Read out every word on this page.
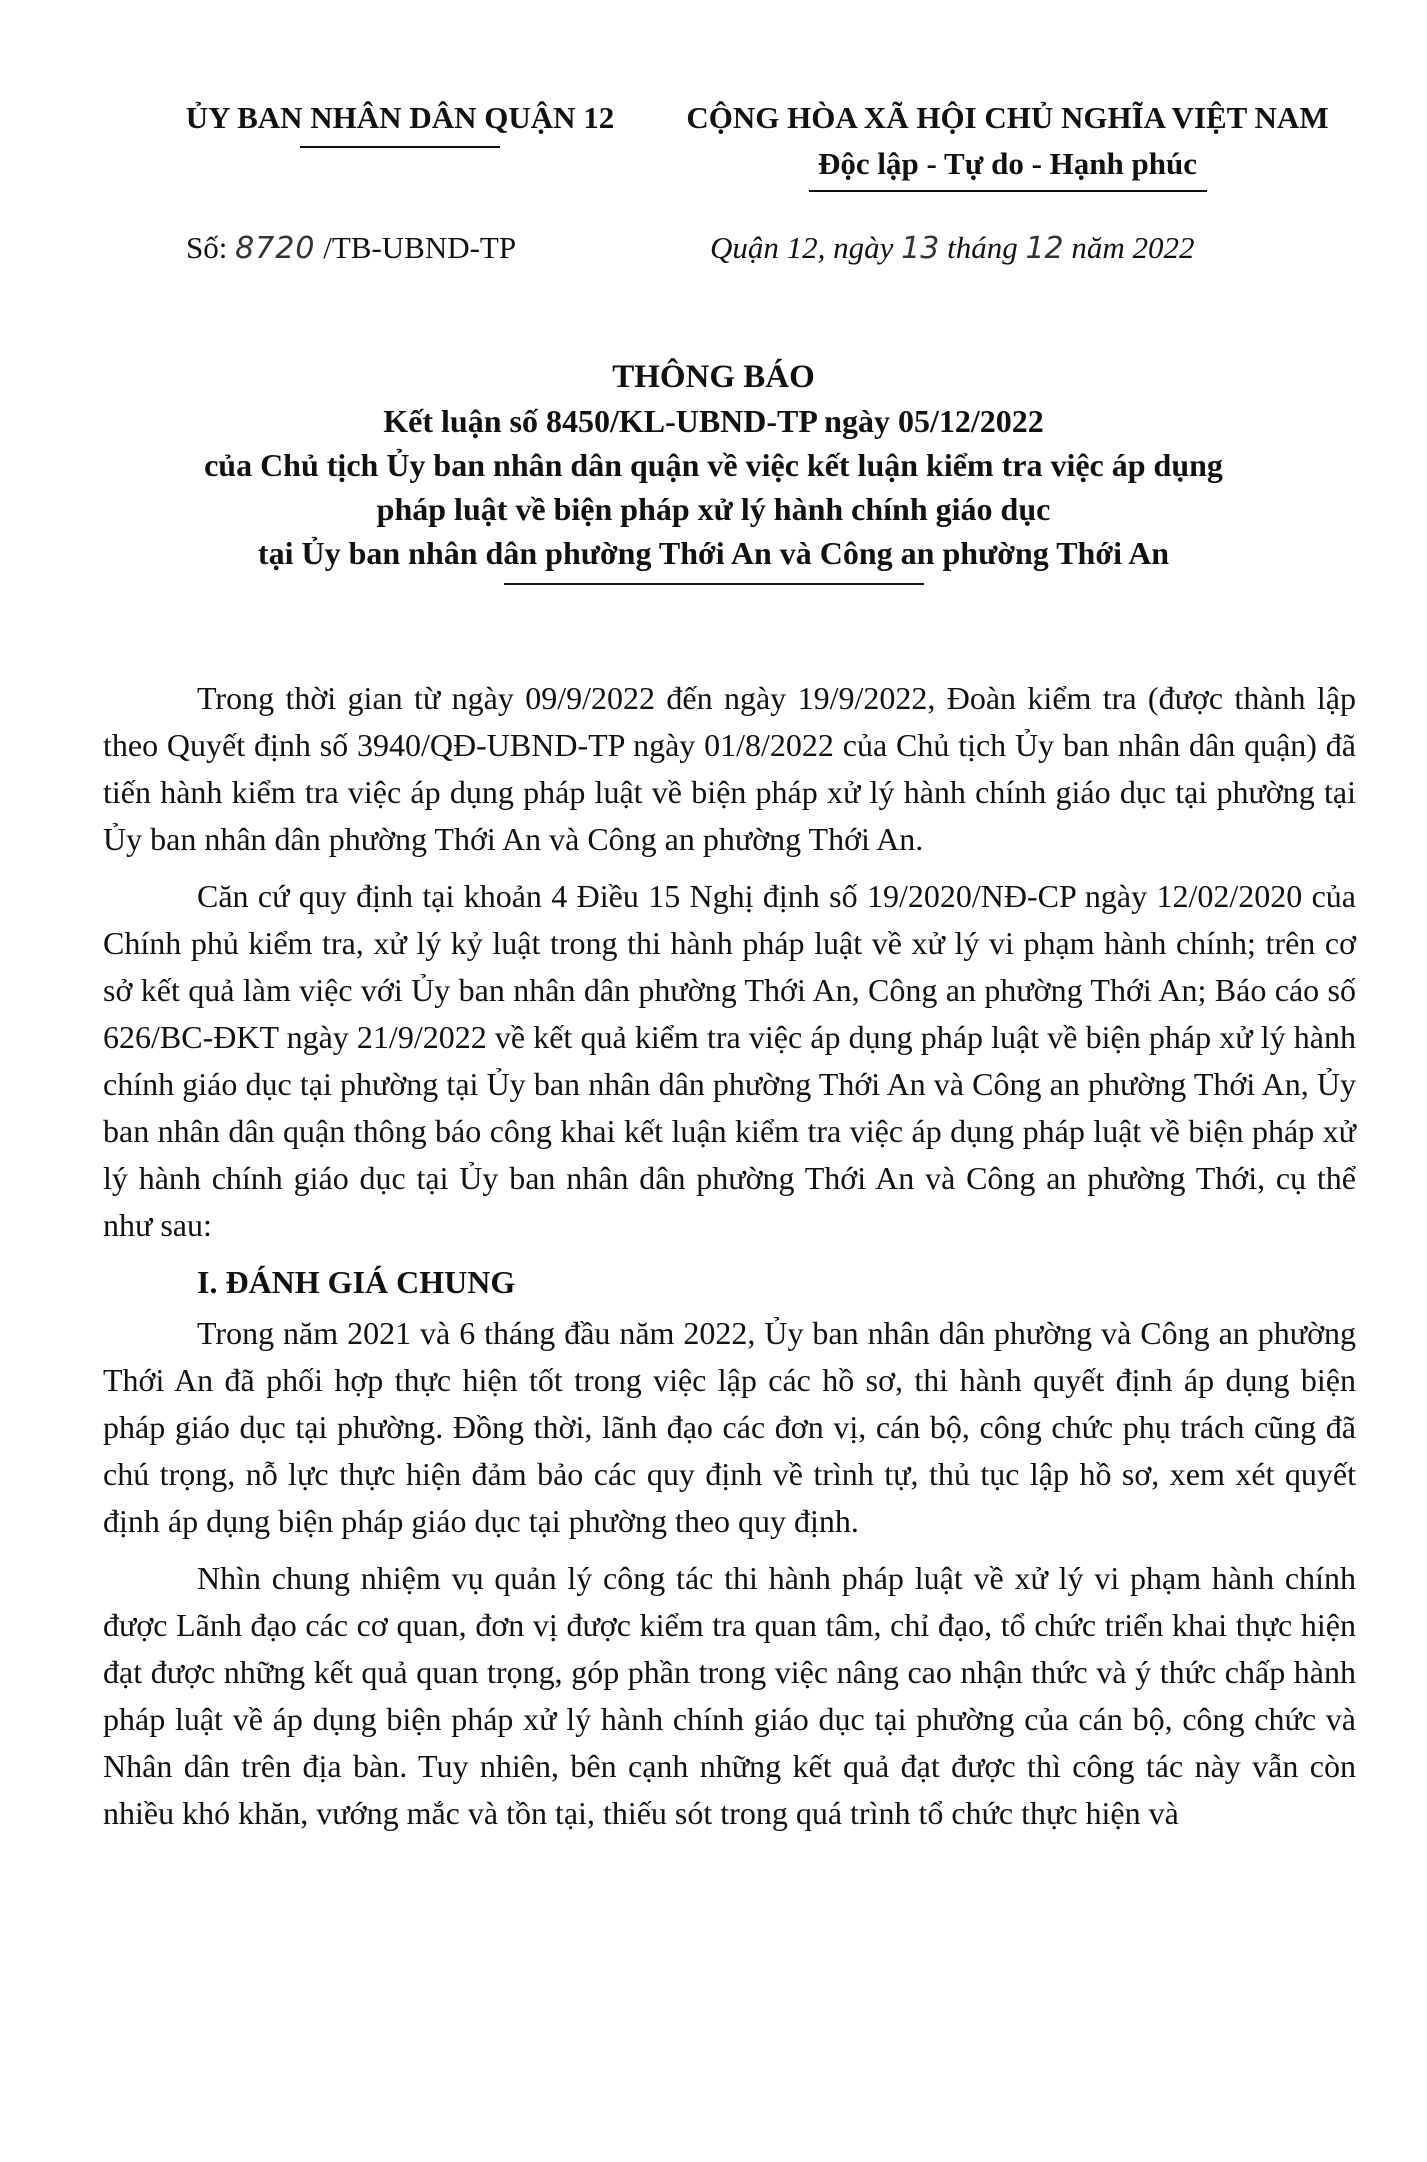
ỦY BAN NHÂN DÂN QUẬN 12	CỘNG HÒA XÃ HỘI CHỦ NGHĨA VIỆT NAM
Độc lập - Tự do - Hạnh phúc
Số: 8720 /TB-UBND-TP	Quận 12, ngày 13 tháng 12 năm 2022
THÔNG BÁO
Kết luận số 8450/KL-UBND-TP ngày 05/12/2022
của Chủ tịch Ủy ban nhân dân quận về việc kết luận kiểm tra việc áp dụng
pháp luật về biện pháp xử lý hành chính giáo dục
tại Ủy ban nhân dân phường Thới An và Công an phường Thới An

Trong thời gian từ ngày 09/9/2022 đến ngày 19/9/2022, Đoàn kiểm tra (được thành lập theo Quyết định số 3940/QĐ-UBND-TP ngày 01/8/2022 của Chủ tịch Ủy ban nhân dân quận) đã tiến hành kiểm tra việc áp dụng pháp luật về biện pháp xử lý hành chính giáo dục tại phường tại Ủy ban nhân dân phường Thới An và Công an phường Thới An.

Căn cứ quy định tại khoản 4 Điều 15 Nghị định số 19/2020/NĐ-CP ngày 12/02/2020 của Chính phủ kiểm tra, xử lý kỷ luật trong thi hành pháp luật về xử lý vi phạm hành chính; trên cơ sở kết quả làm việc với Ủy ban nhân dân phường Thới An, Công an phường Thới An; Báo cáo số 626/BC-ĐKT ngày 21/9/2022 về kết quả kiểm tra việc áp dụng pháp luật về biện pháp xử lý hành chính giáo dục tại phường tại Ủy ban nhân dân phường Thới An và Công an phường Thới An, Ủy ban nhân dân quận thông báo công khai kết luận kiểm tra việc áp dụng pháp luật về biện pháp xử lý hành chính giáo dục tại Ủy ban nhân dân phường Thới An và Công an phường Thới, cụ thể như sau:

I. ĐÁNH GIÁ CHUNG

Trong năm 2021 và 6 tháng đầu năm 2022, Ủy ban nhân dân phường và Công an phường Thới An đã phối hợp thực hiện tốt trong việc lập các hồ sơ, thi hành quyết định áp dụng biện pháp giáo dục tại phường. Đồng thời, lãnh đạo các đơn vị, cán bộ, công chức phụ trách cũng đã chú trọng, nỗ lực thực hiện đảm bảo các quy định về trình tự, thủ tục lập hồ sơ, xem xét quyết định áp dụng biện pháp giáo dục tại phường theo quy định.

Nhìn chung nhiệm vụ quản lý công tác thi hành pháp luật về xử lý vi phạm hành chính được Lãnh đạo các cơ quan, đơn vị được kiểm tra quan tâm, chỉ đạo, tổ chức triển khai thực hiện đạt được những kết quả quan trọng, góp phần trong việc nâng cao nhận thức và ý thức chấp hành pháp luật về áp dụng biện pháp xử lý hành chính giáo dục tại phường của cán bộ, công chức và Nhân dân trên địa bàn. Tuy nhiên, bên cạnh những kết quả đạt được thì công tác này vẫn còn nhiều khó khăn, vướng mắc và tồn tại, thiếu sót trong quá trình tổ chức thực hiện và
